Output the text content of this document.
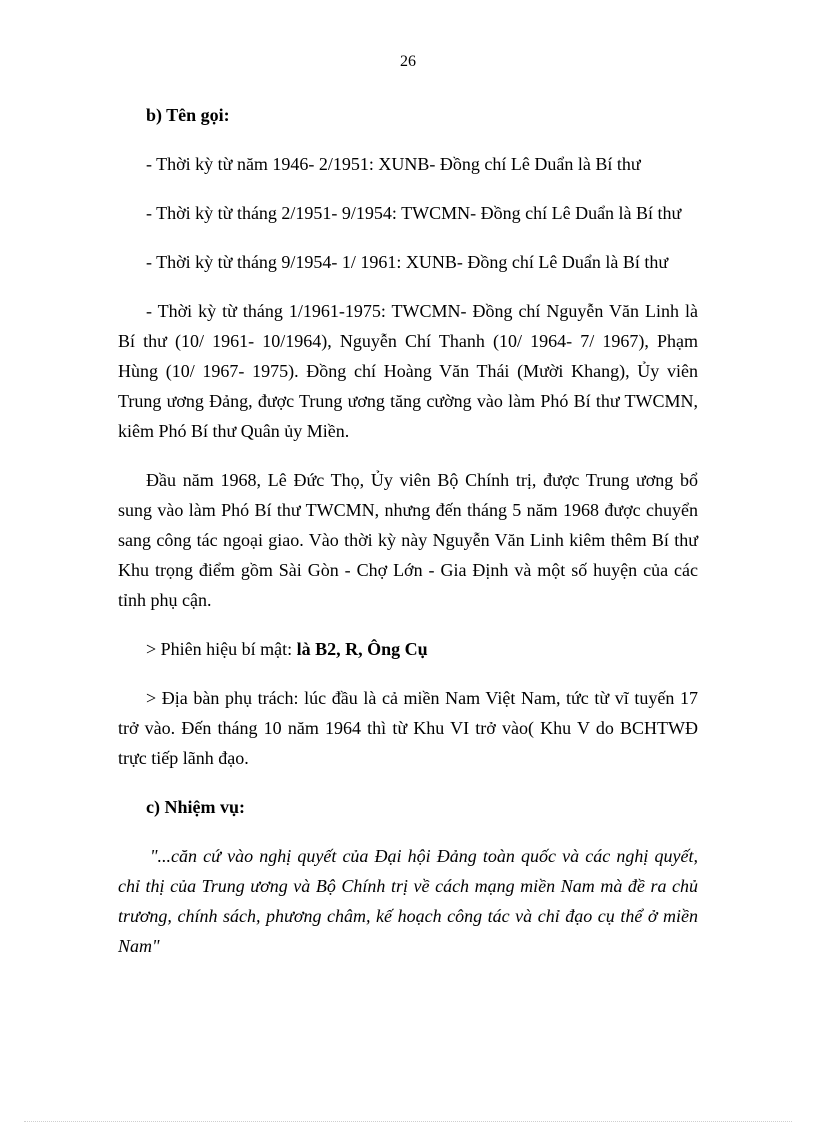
26

b) Tên gọi:

- Thời kỳ từ năm 1946- 2/1951: XUNB- Đồng chí Lê Duẩn là Bí thư

- Thời kỳ từ tháng 2/1951- 9/1954: TWCMN- Đồng chí Lê Duẩn là Bí thư

- Thời kỳ từ tháng 9/1954- 1/ 1961: XUNB- Đồng chí Lê Duẩn là Bí thư

- Thời kỳ từ tháng 1/1961-1975: TWCMN- Đồng chí Nguyễn Văn Linh là Bí thư (10/ 1961- 10/1964), Nguyễn Chí Thanh (10/ 1964- 7/ 1967), Phạm Hùng (10/ 1967- 1975). Đồng chí Hoàng Văn Thái (Mười Khang), Ủy viên Trung ương Đảng, được Trung ương tăng cường vào làm Phó Bí thư TWCMN, kiêm Phó Bí thư Quân ủy Miền.

Đầu năm 1968, Lê Đức Thọ, Ủy viên Bộ Chính trị, được Trung ương bổ sung vào làm Phó Bí thư TWCMN, nhưng đến tháng 5 năm 1968 được chuyển sang công tác ngoại giao. Vào thời kỳ này Nguyễn Văn Linh kiêm thêm Bí thư Khu trọng điểm gồm Sài Gòn - Chợ Lớn - Gia Định và một số huyện của các tỉnh phụ cận.

> Phiên hiệu bí mật: là B2, R, Ông Cụ

> Địa bàn phụ trách: lúc đầu là cả miền Nam Việt Nam, tức từ vĩ tuyến 17 trở vào. Đến tháng 10 năm 1964 thì từ Khu VI trở vào( Khu V do BCHTWĐ trực tiếp lãnh đạo.

c) Nhiệm vụ:

"...căn cứ vào nghị quyết của Đại hội Đảng toàn quốc và các nghị quyết, chỉ thị của Trung ương và Bộ Chính trị về cách mạng miền Nam mà đề ra chủ trương, chính sách, phương châm, kế hoạch công tác và chỉ đạo cụ thể ở miền Nam"
